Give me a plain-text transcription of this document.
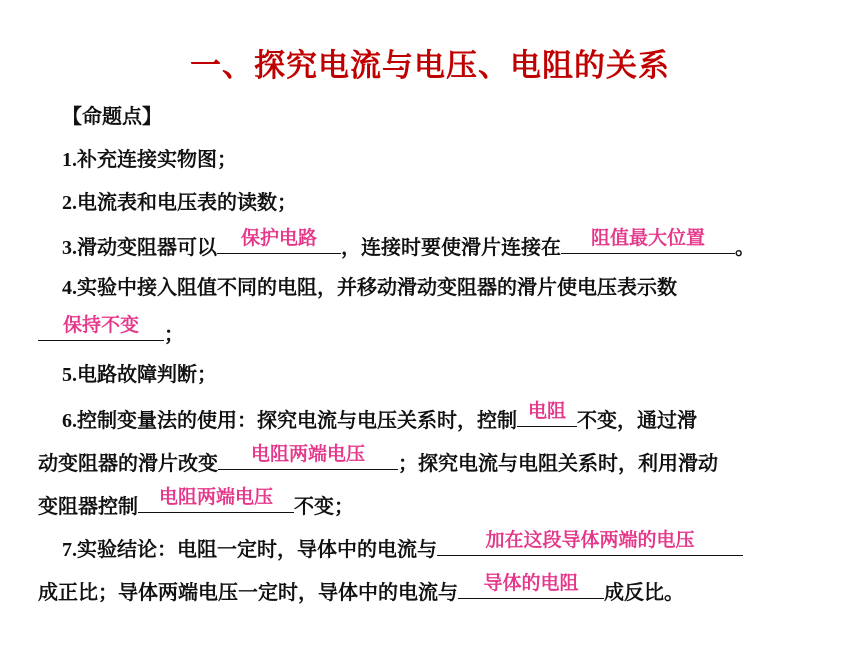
一、探究电流与电压、电阻的关系
【命题点】
1.补充连接实物图；
2.电流表和电压表的读数；
3.滑动变阻器可以 保护电路 ，连接时要使滑片连接在 阻值最大位置 。
4.实验中接入阻值不同的电阻，并移动滑动变阻器的滑片使电压表示数
保持不变 ；
5.电路故障判断；
6.控制变量法的使用：探究电流与电压关系时，控制 电阻 不变，通过滑
动变阻器的滑片改变 电阻两端电压 ；探究电流与电阻关系时，利用滑动
变阻器控制 电阻两端电压 不变；
7.实验结论：电阻一定时，导体中的电流与	加在这段导体两端的电压
成正比；导体两端电压一定时，导体中的电流与 导体的电阻 成反比。
